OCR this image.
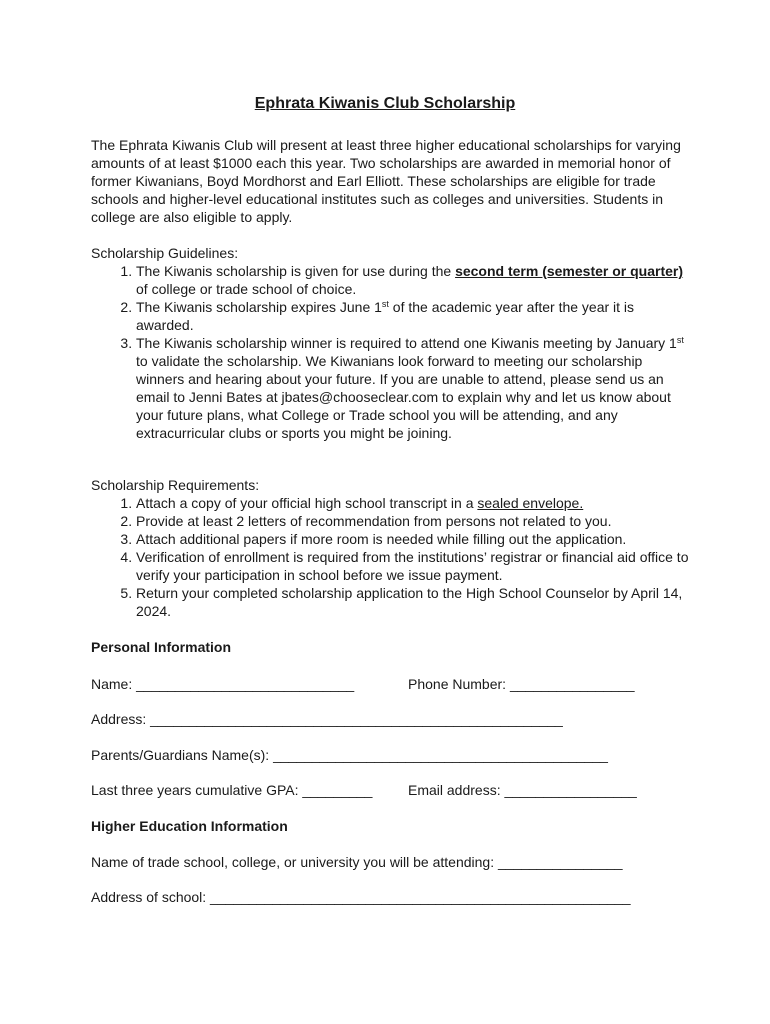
Ephrata Kiwanis Club Scholarship

The Ephrata Kiwanis Club will present at least three higher educational scholarships for varying amounts of at least $1000 each this year. Two scholarships are awarded in memorial honor of former Kiwanians, Boyd Mordhorst and Earl Elliott. These scholarships are eligible for trade schools and higher-level educational institutes such as colleges and universities. Students in college are also eligible to apply.

Scholarship Guidelines:

1. The Kiwanis scholarship is given for use during the second term (semester or quarter) of college or trade school of choice.
2. The Kiwanis scholarship expires June 1st of the academic year after the year it is awarded.
3. The Kiwanis scholarship winner is required to attend one Kiwanis meeting by January 1st to validate the scholarship. We Kiwanians look forward to meeting our scholarship winners and hearing about your future. If you are unable to attend, please send us an email to Jenni Bates at jbates@chooseclear.com to explain why and let us know about your future plans, what College or Trade school you will be attending, and any extracurricular clubs or sports you might be joining.

Scholarship Requirements:

1. Attach a copy of your official high school transcript in a sealed envelope.
2. Provide at least 2 letters of recommendation from persons not related to you.
3. Attach additional papers if more room is needed while filling out the application.
4. Verification of enrollment is required from the institutions’ registrar or financial aid office to verify your participation in school before we issue payment.
5. Return your completed scholarship application to the High School Counselor by April 14, 2024.
Personal Information
Name: ____________________________	Phone Number: ________________
Address: _____________________________________________________
Parents/Guardians Name(s): ___________________________________________
Last three years cumulative GPA: _________	Email address: _________________
Higher Education Information
Name of trade school, college, or university you will be attending: ________________
Address of school: ______________________________________________________
